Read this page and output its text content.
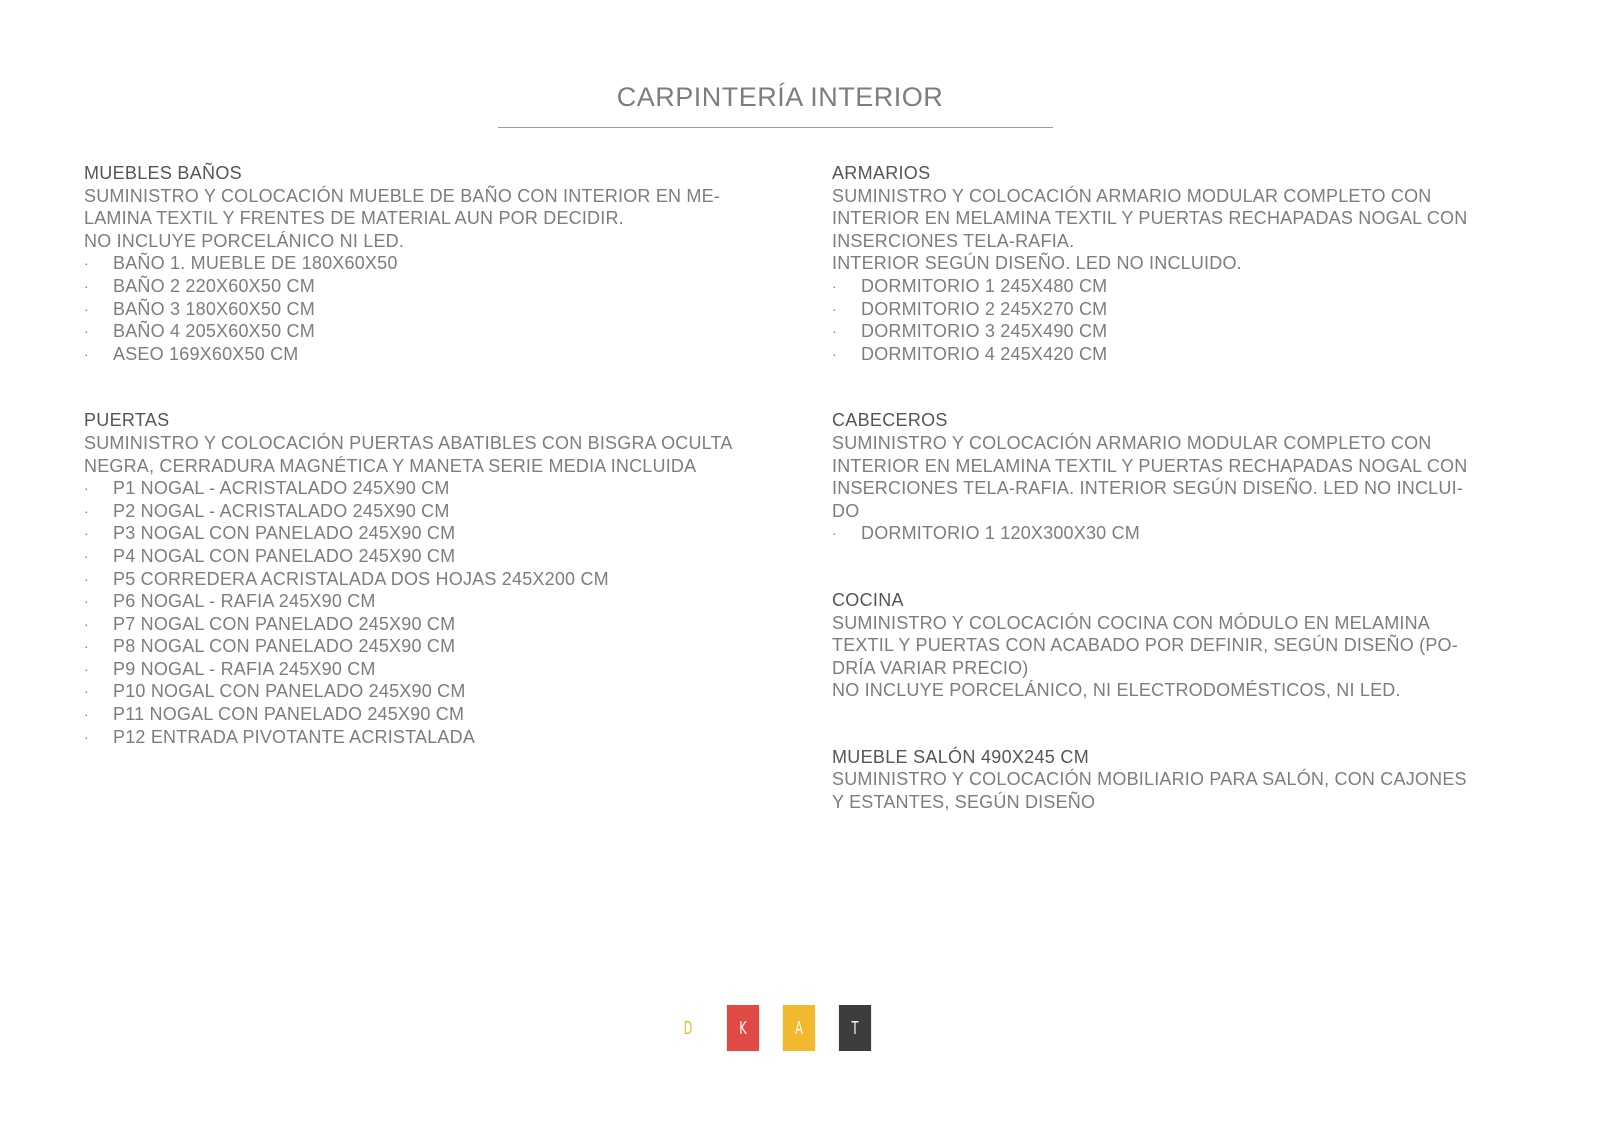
CARPINTERÍA INTERIOR
MUEBLES BAÑOS

SUMINISTRO Y COLOCACIÓN MUEBLE DE BAÑO CON INTERIOR EN ME-

LAMINA TEXTIL Y FRENTES DE MATERIAL AUN POR DECIDIR.

NO INCLUYE PORCELÁNICO NI LED.

· BAÑO 1. MUEBLE DE 180X60X50
· BAÑO 2 220X60X50 CM
· BAÑO 3 180X60X50 CM
· BAÑO 4 205X60X50 CM
· ASEO 169X60X50 CM
PUERTAS

SUMINISTRO Y COLOCACIÓN PUERTAS ABATIBLES CON BISGRA OCULTA

NEGRA, CERRADURA MAGNÉTICA Y MANETA SERIE MEDIA INCLUIDA

· P1 NOGAL - ACRISTALADO 245X90 CM
· P2 NOGAL - ACRISTALADO 245X90 CM
· P3 NOGAL CON PANELADO 245X90 CM
· P4 NOGAL CON PANELADO 245X90 CM
· P5 CORREDERA ACRISTALADA DOS HOJAS 245X200 CM
· P6 NOGAL - RAFIA 245X90 CM
· P7 NOGAL CON PANELADO 245X90 CM
· P8 NOGAL CON PANELADO 245X90 CM
· P9 NOGAL - RAFIA 245X90 CM
· P10 NOGAL CON PANELADO 245X90 CM
· P11 NOGAL CON PANELADO 245X90 CM
· P12 ENTRADA PIVOTANTE ACRISTALADA
ARMARIOS

SUMINISTRO Y COLOCACIÓN ARMARIO MODULAR COMPLETO CON

INTERIOR EN MELAMINA TEXTIL Y PUERTAS RECHAPADAS NOGAL CON

INSERCIONES TELA-RAFIA.

INTERIOR SEGÚN DISEÑO. LED NO INCLUIDO.

· DORMITORIO 1 245X480 CM
· DORMITORIO 2 245X270 CM
· DORMITORIO 3 245X490 CM
· DORMITORIO 4 245X420 CM
CABECEROS

SUMINISTRO Y COLOCACIÓN ARMARIO MODULAR COMPLETO CON

INTERIOR EN MELAMINA TEXTIL Y PUERTAS RECHAPADAS NOGAL CON

INSERCIONES TELA-RAFIA. INTERIOR SEGÚN DISEÑO. LED NO INCLUI-

DO

· DORMITORIO 1 120X300X30 CM
COCINA

SUMINISTRO Y COLOCACIÓN COCINA CON MÓDULO EN MELAMINA

TEXTIL Y PUERTAS CON ACABADO POR DEFINIR, SEGÚN DISEÑO (PO-

DRÍA VARIAR PRECIO)

NO INCLUYE PORCELÁNICO, NI ELECTRODOMÉSTICOS, NI LED.

MUEBLE SALÓN 490X245 CM

SUMINISTRO Y COLOCACIÓN MOBILIARIO PARA SALÓN, CON CAJONES

Y ESTANTES, SEGÚN DISEÑO

D	K	A	T
